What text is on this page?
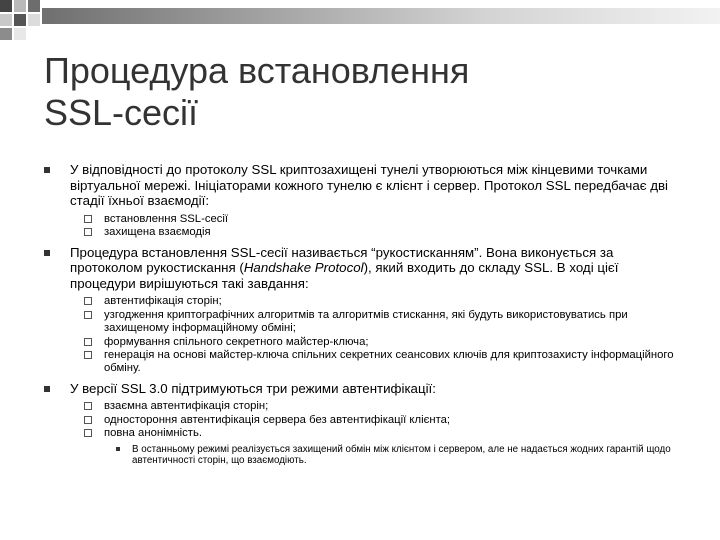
Процедура встановлення
SSL-сесії
У відповідності до протоколу SSL криптозахищені тунелі утворюються між кінцевими точками віртуальної мережі. Ініціаторами кожного тунелю є клієнт і сервер. Протокол SSL передбачає дві стадії їхньої взаємодії:
встановлення SSL-сесії
захищена взаємодія
Процедура встановлення SSL-сесії називається “рукостисканням”. Вона виконується за протоколом рукостискання (Handshake Protocol), який входить до складу SSL. В ході цієї процедури вирішуються такі завдання:
автентифікація сторін;
узгодження криптографічних алгоритмів та алгоритмів стискання, які будуть використовуватись при захищеному інформаційному обміні;
формування спільного секретного майстер-ключа;
генерація на основі майстер-ключа спільних секретних сеансових ключів для криптозахисту інформаційного обміну.
У версії SSL 3.0 підтримуються три режими автентифікації:
взаємна автентифікація сторін;
одностороння автентифікація сервера без автентифікації клієнта;
повна анонімність.
В останньому режимі реалізується захищений обмін між клієнтом і сервером, але не надається жодних гарантій щодо автентичності сторін, що взаємодіють.
